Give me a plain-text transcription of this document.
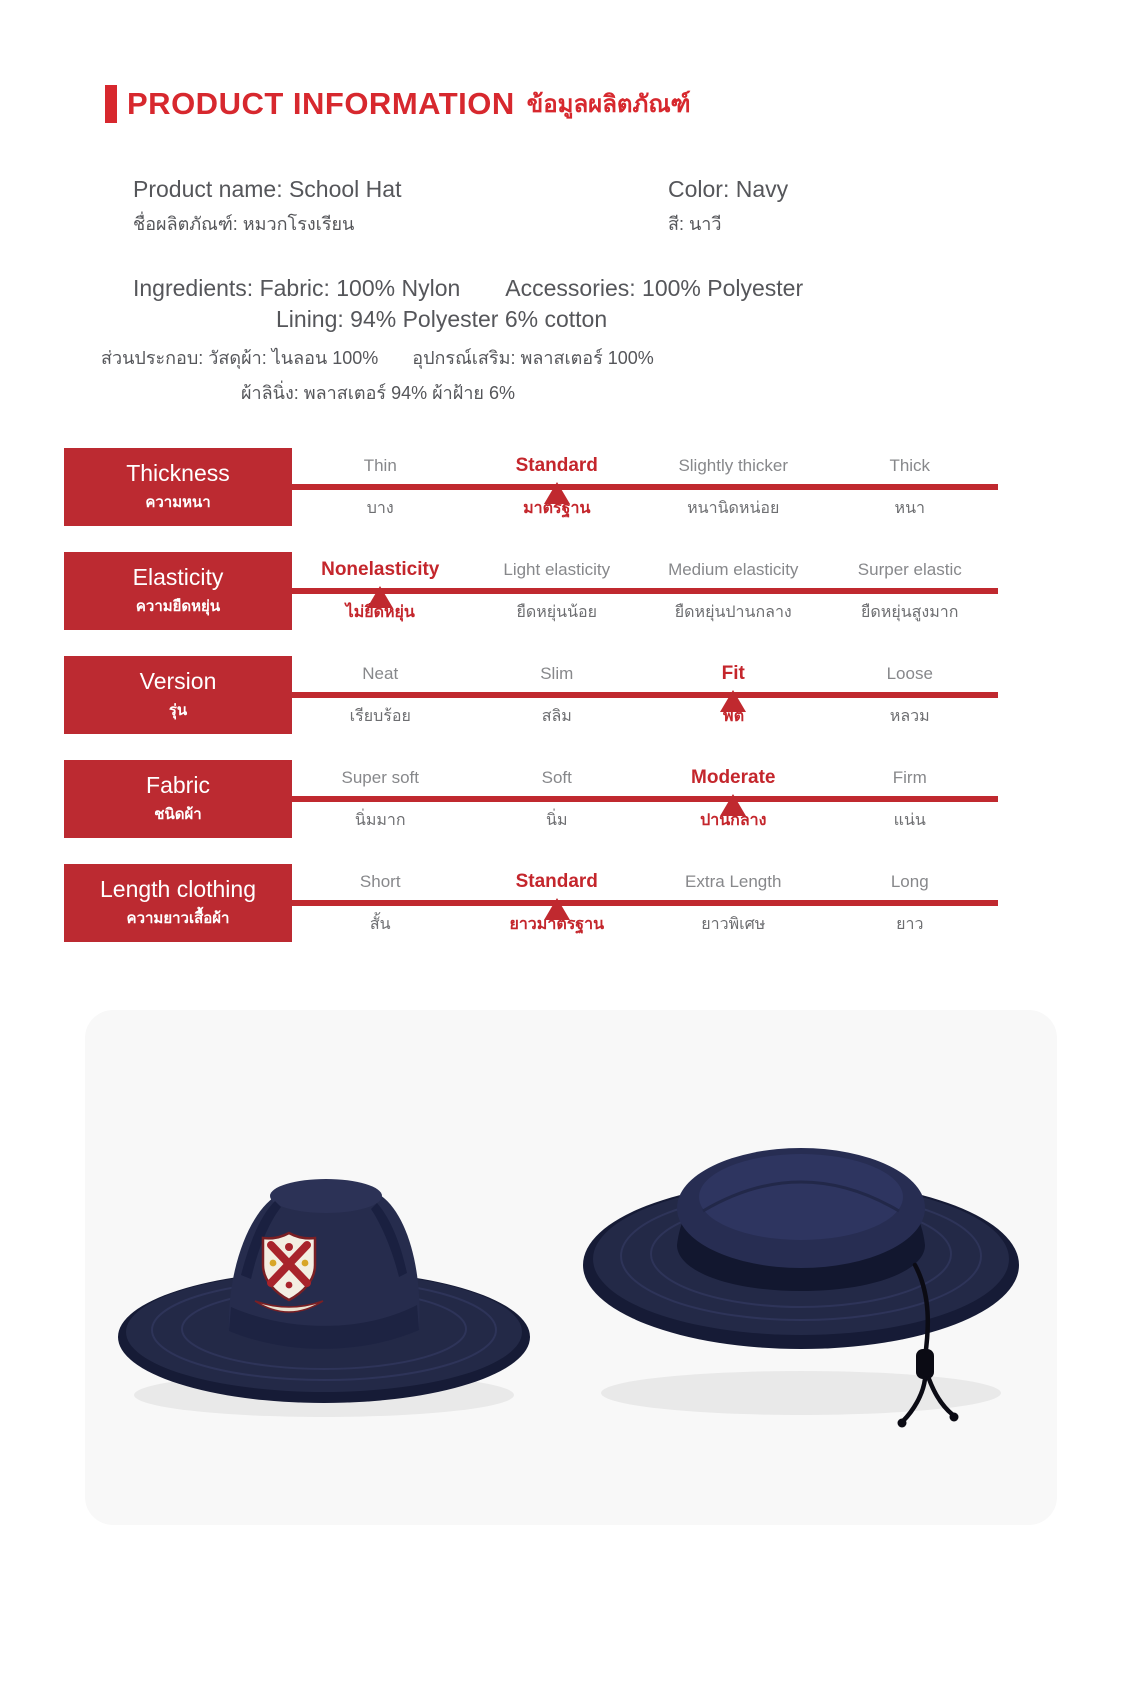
PRODUCT INFORMATION ข้อมูลผลิตภัณฑ์
Product name: School Hat
ชื่อผลิตภัณฑ์: หมวกโรงเรียน
Color: Navy
สี: นาวี
Ingredients: Fabric: 100% Nylon Accessories: 100% Polyester
Lining: 94% Polyester 6% cotton
ส่วนประกอบ: วัสดุผ้า: ไนลอน 100% อุปกรณ์เสริม: พลาสเตอร์ 100%
ผ้าลินิ่ง: พลาสเตอร์ 94% ผ้าฝ้าย 6%
Thickness
ความหนา
Thin	Standard	Slightly thicker	Thick
บาง	มาตรฐาน	หนานิดหน่อย	หนา
Elasticity
ความยืดหยุ่น
Nonelasticity	Light elasticity	Medium elasticity	Surper elastic
ไม่ยืดหยุ่น	ยืดหยุ่นน้อย	ยืดหยุ่นปานกลาง	ยืดหยุ่นสูงมาก
Version
รุ่น
Neat	Slim	Fit	Loose
เรียบร้อย	สลิม	ฟิต	หลวม
Fabric
ชนิดผ้า
Super soft	Soft	Moderate	Firm
นิ่มมาก	นิ่ม	ปานกลาง	แน่น
Length clothing
ความยาวเสื้อผ้า
Short	Standard	Extra Length	Long
สั้น	ยาวมาตรฐาน	ยาวพิเศษ	ยาว
